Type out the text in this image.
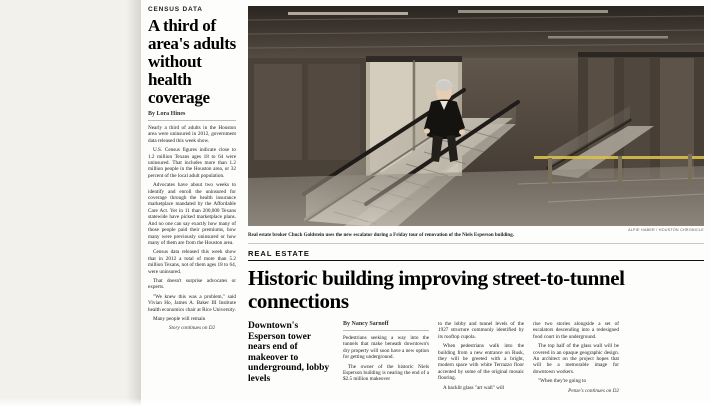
CENSUS DATA
A third of area's adults without health coverage
By Lora Hines

Nearly a third of adults in the Houston area were uninsured in 2012, government data released this week show.

U.S. Census figures indicate close to 1.2 million Texans ages 18 to 64 were uninsured. That includes more than 1.2 million people in the Houston area, or 32 percent of the local adult population.

Advocates have about two weeks to identify and enroll the uninsured for coverage through the health insurance marketplace mandated by the Affordable Care Act. Yet in 11 than 200,000 Texans statewide have picked marketplace plans. And no one can say exactly how many of those people paid their premiums, how many were previously uninsured or how many of them are from the Houston area.

Census data released this week show that in 2012 a total of more than 5.2 million Texans, not of them ages 18 to 64, were uninsured.

That doesn't surprise advocates or experts.

"We knew this was a problem," said Vivian Ho, James A. Baker III Institute health economics chair at Rice University.

Many people will remain

Story continues on D2
ALPIE HABER / HOUSTON CHRONICLE
Real estate broker Chuck Goldstein uses the new escalator during a Friday tour of renovation of the Niels Esperson building.
REAL ESTATE
Historic building improving street-to-tunnel connections
Downtown's Esperson tower nears end of makeover to underground, lobby levels
By Nancy Sarnoff

Pedestrians seeking a way into the tunnels that make beneath downtown's dry property will soon have a new option for getting underground.

The owner of the historic Niels Esperson building is nearing the end of a $2.5 million makeover

to the lobby and tunnel levels of the 1927 structure commonly identified by its rooftop cupola.

When pedestrians walk into the building from a new entrance on Rusk, they will be greeted with a bright, modern space with white Terrazzo floor accented by some of the original mosaic flooring.

A backlit glass "art wall" will

rise two stories alongside a set of escalators descending into a redesigned food court in the underground.

The top half of the glass wall will be covered in an opaque geographic design. An architect on the project hopes that will be a memorable image for downtown workers.

"When they're going to

Penze's continues on D2
